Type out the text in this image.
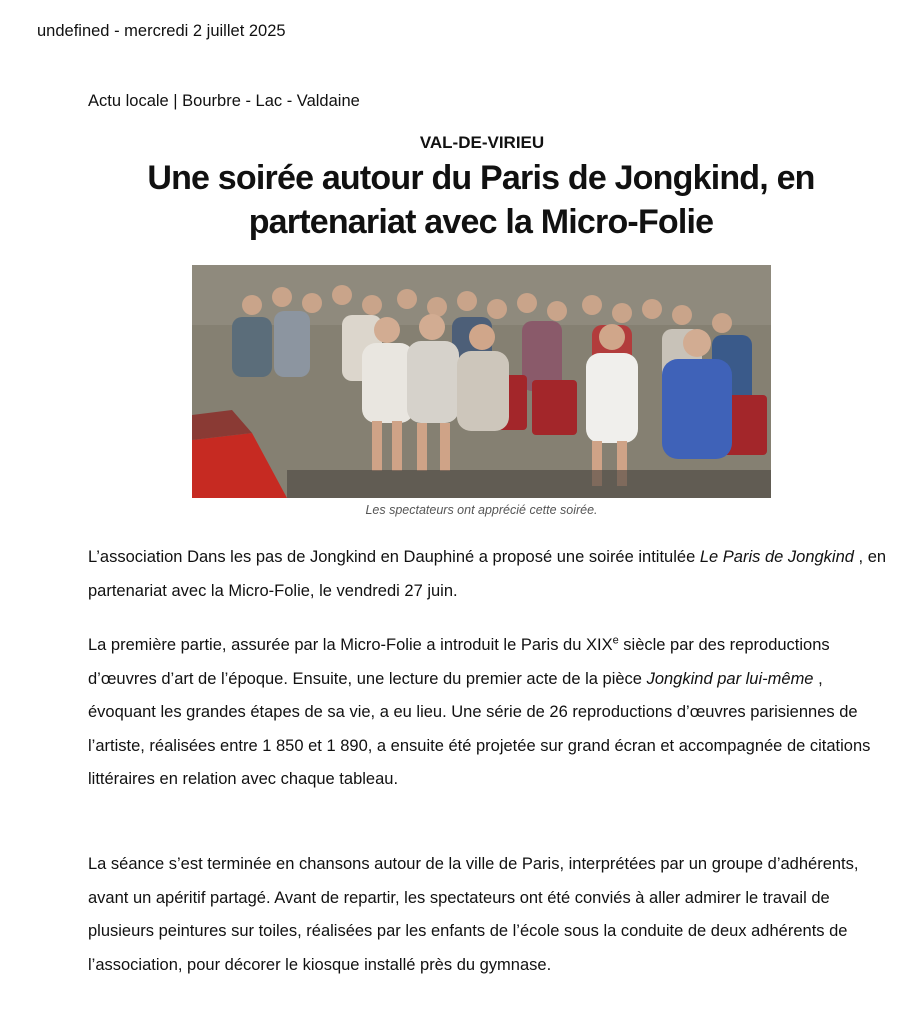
undefined - mercredi 2 juillet 2025
Actu locale | Bourbre - Lac - Valdaine
VAL-DE-VIRIEU
Une soirée autour du Paris de Jongkind, en partenariat avec la Micro-Folie
Les spectateurs ont apprécié cette soirée.

L’association Dans les pas de Jongkind en Dauphiné a proposé une soirée intitulée Le Paris de Jongkind , en partenariat avec la Micro-Folie, le vendredi 27 juin.

La première partie, assurée par la Micro-Folie a introduit le Paris du XIXe siècle par des reproductions d’œuvres d’art de l’époque. Ensuite, une lecture du premier acte de la pièce Jongkind par lui-même , évoquant les grandes étapes de sa vie, a eu lieu. Une série de 26 reproductions d’œuvres parisiennes de l’artiste, réalisées entre 1 850 et 1 890, a ensuite été projetée sur grand écran et accompagnée de citations littéraires en relation avec chaque tableau.

La séance s’est terminée en chansons autour de la ville de Paris, interprétées par un groupe d’adhérents, avant un apéritif partagé. Avant de repartir, les spectateurs ont été conviés à aller admirer le travail de plusieurs peintures sur toiles, réalisées par les enfants de l’école sous la conduite de deux adhérents de l’association, pour décorer le kiosque installé près du gymnase.
